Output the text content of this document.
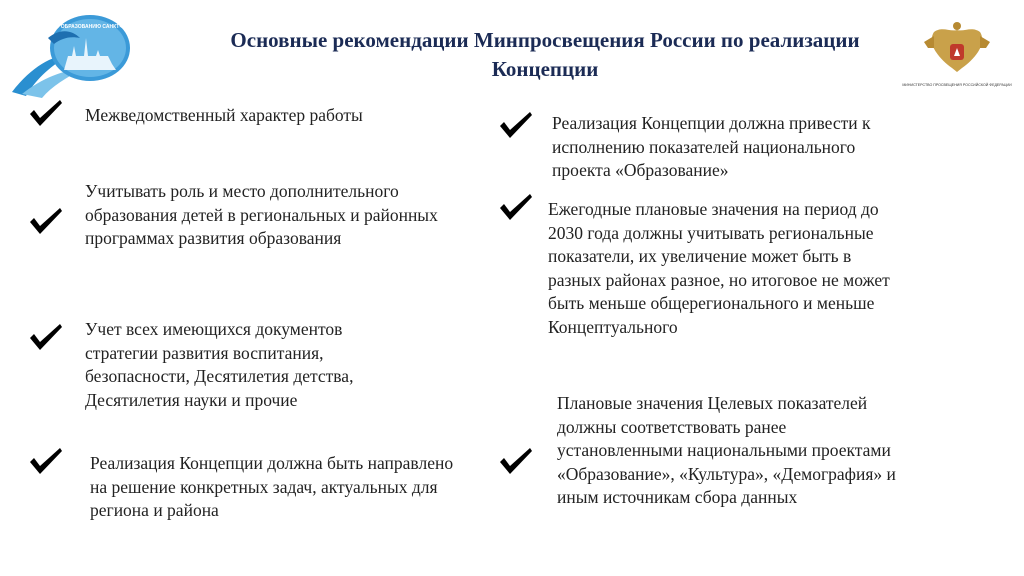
КОМИТЕТ ПО ОБРАЗОВАНИЮ САНКТ-ПЕТЕРБУРГА
Основные рекомендации Минпросвещения России по реализации
Концепции
МИНИСТЕРСТВО ПРОСВЕЩЕНИЯ РОССИЙСКОЙ ФЕДЕРАЦИИ
Межведомственный характер работы
Учитывать роль и место дополнительного образования детей в региональных и районных программах развития образования
Учет всех имеющихся документов стратегии развития воспитания, безопасности, Десятилетия детства, Десятилетия науки и прочие
Реализация Концепции должна быть направлено на решение конкретных задач, актуальных для региона и района
Реализация Концепции должна привести к исполнению показателей национального проекта «Образование»
Ежегодные плановые значения на период до 2030 года должны учитывать региональные показатели, их увеличение может быть в разных районах разное, но итоговое не может быть меньше общерегионального и меньше Концептуального
Плановые значения Целевых показателей должны соответствовать ранее установленными национальными проектами «Образование», «Культура», «Демография» и иным источникам сбора данных
